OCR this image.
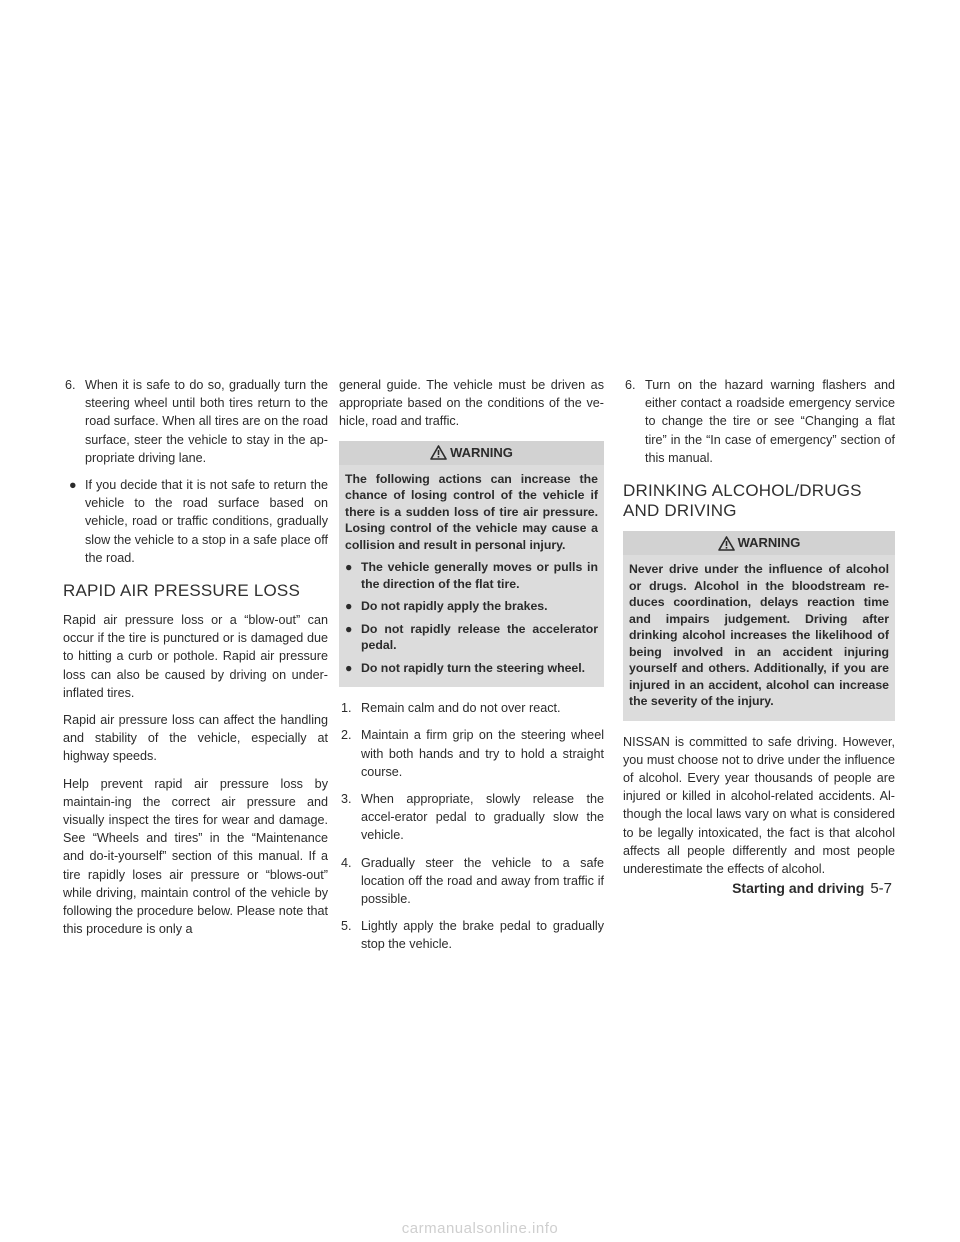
6. When it is safe to do so, gradually turn the steering wheel until both tires return to the road surface. When all tires are on the road surface, steer the vehicle to stay in the ap-propriate driving lane.
● If you decide that it is not safe to return the vehicle to the road surface based on vehicle, road or traffic conditions, gradually slow the vehicle to a stop in a safe place off the road.
RAPID AIR PRESSURE LOSS

Rapid air pressure loss or a “blow-out” can occur if the tire is punctured or is damaged due to hitting a curb or pothole. Rapid air pressure loss can also be caused by driving on under-inflated tires.

Rapid air pressure loss can affect the handling and stability of the vehicle, especially at highway speeds.

Help prevent rapid air pressure loss by maintain-ing the correct air pressure and visually inspect the tires for wear and damage. See “Wheels and tires” in the “Maintenance and do-it-yourself” section of this manual. If a tire rapidly loses air pressure or “blows-out” while driving, maintain control of the vehicle by following the procedure below. Please note that this procedure is only a

general guide. The vehicle must be driven as appropriate based on the conditions of the ve-hicle, road and traffic.

WARNING

The following actions can increase the chance of losing control of the vehicle if there is a sudden loss of tire air pressure. Losing control of the vehicle may cause a collision and result in personal injury.

● The vehicle generally moves or pulls in the direction of the flat tire.
● Do not rapidly apply the brakes.
● Do not rapidly release the accelerator pedal.
● Do not rapidly turn the steering wheel.
1. Remain calm and do not over react.
2. Maintain a firm grip on the steering wheel with both hands and try to hold a straight course.
3. When appropriate, slowly release the accel-erator pedal to gradually slow the vehicle.
4. Gradually steer the vehicle to a safe location off the road and away from traffic if possible.
5. Lightly apply the brake pedal to gradually stop the vehicle.
6. Turn on the hazard warning flashers and either contact a roadside emergency service to change the tire or see “Changing a flat tire” in the “In case of emergency” section of this manual.
DRINKING ALCOHOL/DRUGS AND DRIVING
WARNING

Never drive under the influence of alcohol or drugs. Alcohol in the bloodstream re-duces coordination, delays reaction time and impairs judgement. Driving after drinking alcohol increases the likelihood of being involved in an accident injuring yourself and others. Additionally, if you are injured in an accident, alcohol can increase the severity of the injury.

NISSAN is committed to safe driving. However, you must choose not to drive under the influence of alcohol. Every year thousands of people are injured or killed in alcohol-related accidents. Al-though the local laws vary on what is considered to be legally intoxicated, the fact is that alcohol affects all people differently and most people underestimate the effects of alcohol.

Starting and driving 5-7
carmanualsonline.info
